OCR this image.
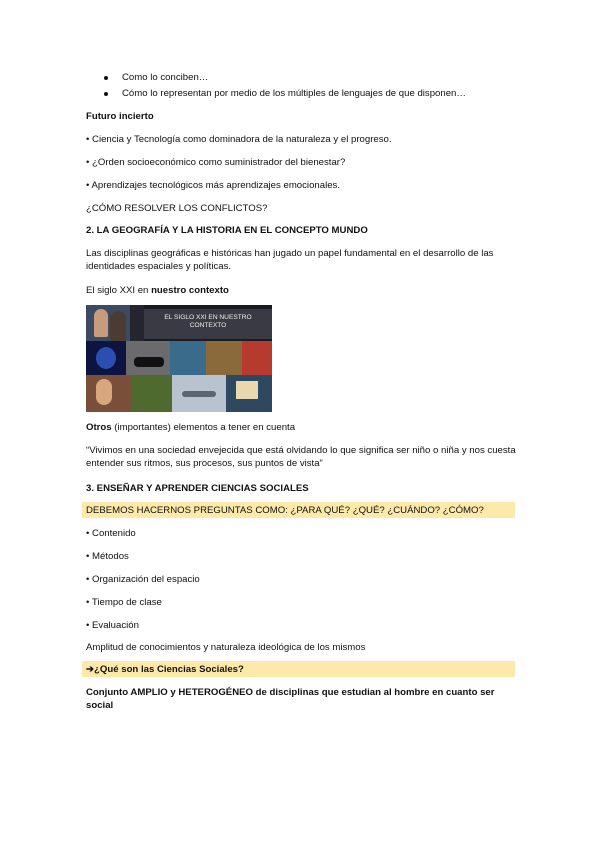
Como lo conciben…
Cómo lo representan por medio de los múltiples de lenguajes de que disponen…
Futuro incierto
• Ciencia y Tecnología como dominadora de la naturaleza y el progreso.
• ¿Orden socioeconómico como suministrador del bienestar?
• Aprendizajes tecnológicos más aprendizajes emocionales.
¿CÓMO RESOLVER LOS CONFLICTOS?
2. LA GEOGRAFÍA Y LA HISTORIA EN EL CONCEPTO MUNDO
Las disciplinas geográficas e históricas han jugado un papel fundamental en el desarrollo de las identidades espaciales y políticas.
El siglo XXI en nuestro contexto
EL SIGLO XXI EN NUESTRO
CONTEXTO
Otros (importantes) elementos a tener en cuenta
“Vivimos en una sociedad envejecida que está olvidando lo que significa ser niño o niña y nos cuesta entender sus ritmos, sus procesos, sus puntos de vista”
3. ENSEÑAR Y APRENDER CIENCIAS SOCIALES
DEBEMOS HACERNOS PREGUNTAS COMO: ¿PARA QUÉ? ¿QUÉ? ¿CUÁNDO? ¿CÓMO?
• Contenido
• Métodos
• Organización del espacio
• Tiempo de clase
• Evaluación
Amplitud de conocimientos y naturaleza ideológica de los mismos
➔¿Qué son las Ciencias Sociales?
Conjunto AMPLIO y HETEROGÉNEO de disciplinas que estudian al hombre en cuanto ser social
